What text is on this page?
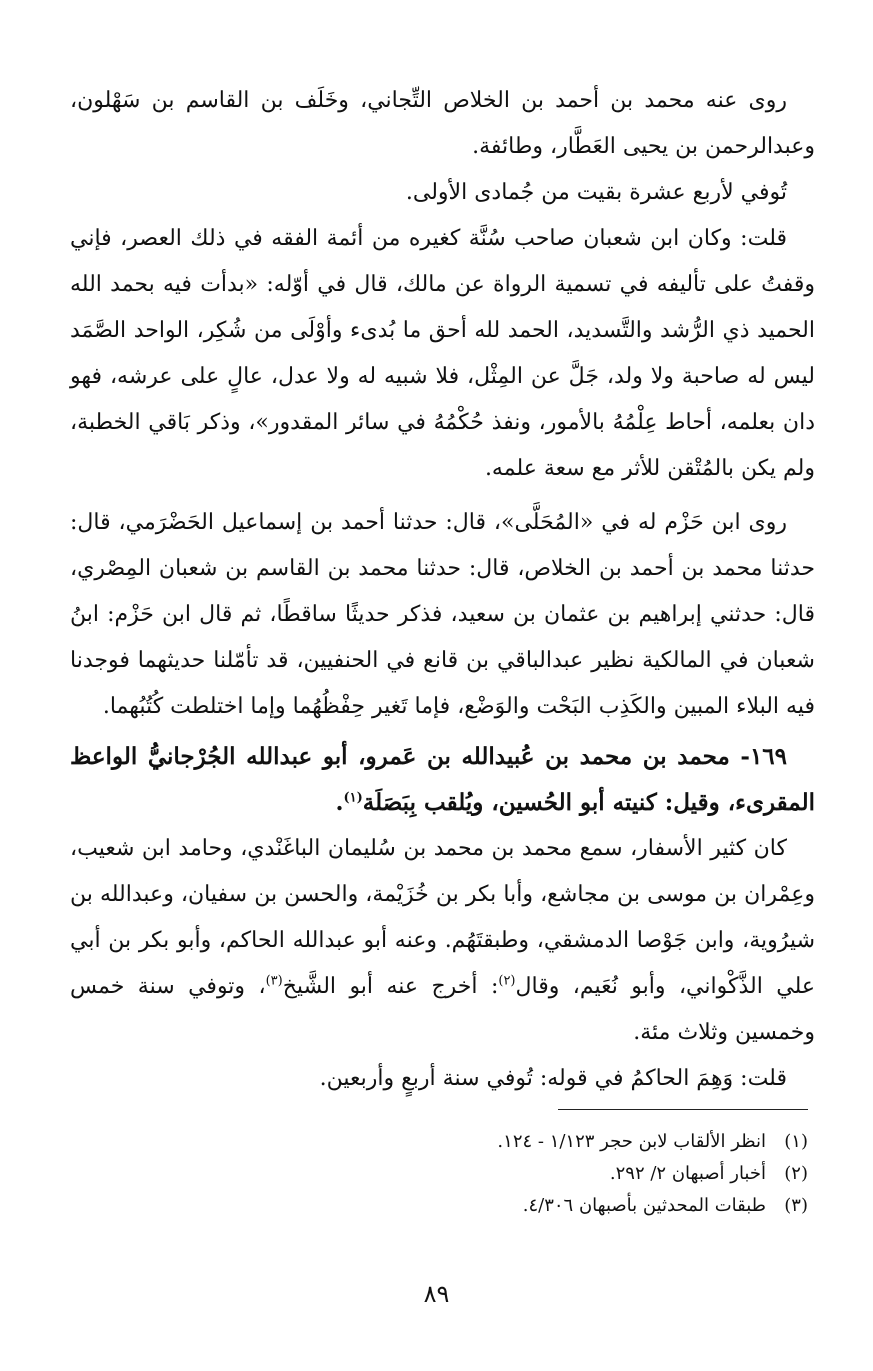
روى عنه محمد بن أحمد بن الخلاص التِّجاني، وخَلَف بن القاسم بن سَهْلون، وعبدالرحمن بن يحيى العَطَّار، وطائفة.

تُوفي لأربع عشرة بقيت من جُمادى الأولى.

قلت: وكان ابن شعبان صاحب سُنَّة كغيره من أئمة الفقه في ذلك العصر، فإني وقفتُ على تأليفه في تسمية الرواة عن مالك، قال في أوّله: «بدأت فيه بحمد الله الحميد ذي الرُّشد والتَّسديد، الحمد لله أحق ما بُدىء وأوْلَى من شُكِر، الواحد الصَّمَد ليس له صاحبة ولا ولد، جَلَّ عن المِثْل، فلا شبيه له ولا عدل، عالٍ على عرشه، فهو دان بعلمه، أحاط عِلْمُهُ بالأمور، ونفذ حُكْمُهُ في سائر المقدور»، وذكر بَاقي الخطبة، ولم يكن بالمُتْقن للأثر مع سعة علمه.

روى ابن حَزْم له في «المُحَلَّى»، قال: حدثنا أحمد بن إسماعيل الحَضْرَمي، قال: حدثنا محمد بن أحمد بن الخلاص، قال: حدثنا محمد بن القاسم بن شعبان المِصْري، قال: حدثني إبراهيم بن عثمان بن سعيد، فذكر حديثًا ساقطًا، ثم قال ابن حَزْم: ابنُ شعبان في المالكية نظير عبدالباقي بن قانع في الحنفيين، قد تأمّلنا حديثهما فوجدنا فيه البلاء المبين والكَذِب البَحْت والوَضْع، فإما تَغير حِفْظُهُما وإما اختلطت كُتُبُهما.

١٦٩- محمد بن محمد بن عُبيدالله بن عَمرو، أبو عبدالله الجُرْجانيُّ الواعظ المقرىء، وقيل: كنيته أبو الحُسين، ويُلقب بِبَصَلَة$^{(١)}$.

كان كثير الأسفار، سمع محمد بن محمد بن سُليمان الباغَنْدي، وحامد ابن شعيب، وعِمْران بن موسى بن مجاشع، وأبا بكر بن خُزَيْمة، والحسن بن سفيان، وعبدالله بن شيرُوية، وابن جَوْصا الدمشقي، وطبقتَهُم. وعنه أبو عبدالله الحاكم، وأبو بكر بن أبي علي الذَّكْواني، وأبو نُعَيم، وقال$^{(٢)}$: أخرج عنه أبو الشَّيخ$^{(٣)}$، وتوفي سنة خمس وخمسين وثلاث مئة.

قلت: وَهِمَ الحاكمُ في قوله: تُوفي سنة أربعٍ وأربعين.

(١)
انظر الألقاب لابن حجر ١/١٢٣ - ١٢٤.
(٢)
أخبار أصبهان ٢/ ٢٩٢.
(٣)
طبقات المحدثين بأصبهان ٤/٣٠٦.
٨٩
